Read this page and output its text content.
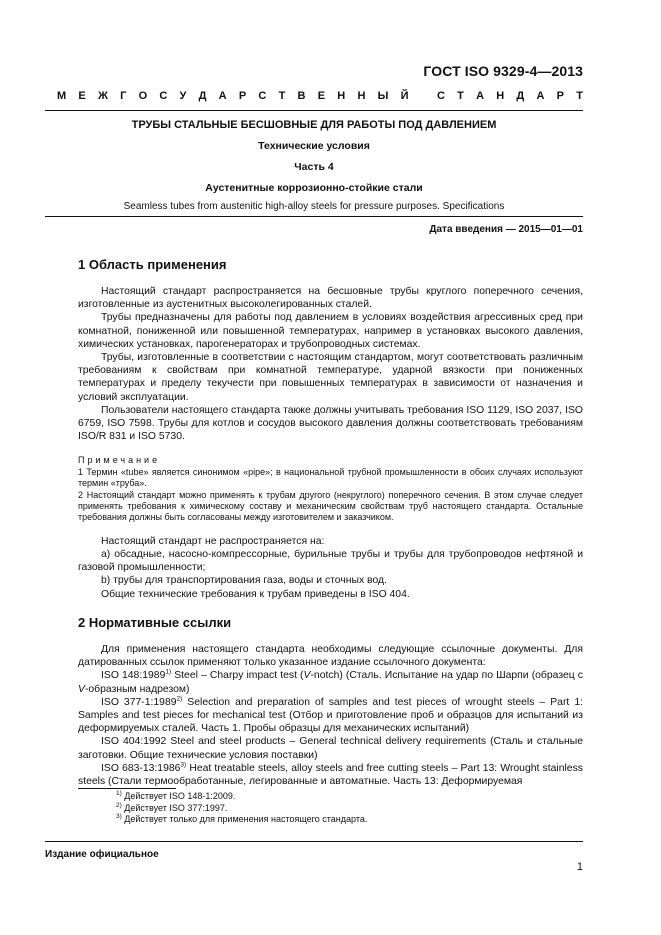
ГОСТ ISO 9329-4—2013
М Е Ж Г О С У Д А Р С Т В Е Н Н Ы Й	С Т А Н Д А Р Т
ТРУБЫ СТАЛЬНЫЕ БЕСШОВНЫЕ ДЛЯ РАБОТЫ ПОД ДАВЛЕНИЕМ
Технические условия
Часть 4
Аустенитные коррозионно-стойкие стали
Seamless tubes from austenitic high-alloy steels for pressure purposes. Specifications
Дата введения — 2015—01—01
1 Область применения

Настоящий стандарт распространяется на бесшовные трубы круглого поперечного сечения, изготовленные из аустенитных высоколегированных сталей.

Трубы предназначены для работы под давлением в условиях воздействия агрессивных сред при комнатной, пониженной или повышенной температурах, например в установках высокого давления, химических установках, парогенераторах и трубопроводных системах.

Трубы, изготовленные в соответствии с настоящим стандартом, могут соответствовать различным требованиям к свойствам при комнатной температуре, ударной вязкости при пониженных температурах и пределу текучести при повышенных температурах в зависимости от назначения и условий эксплуатации.

Пользователи настоящего стандарта также должны учитывать требования ISO 1129, ISO 2037, ISO 6759, ISO 7598. Трубы для котлов и сосудов высокого давления должны соответствовать требованиям ISO/R 831 и ISO 5730.

Примечание

1 Термин «tube» является синонимом «pipe»; в национальной трубной промышленности в обоих случаях используют термин «труба».

2 Настоящий стандарт можно применять к трубам другого (некруглого) поперечного сечения. В этом случае следует применять требования к химическому составу и механическим свойствам труб настоящего стандарта. Остальные требования должны быть согласованы между изготовителем и заказчиком.

Настоящий стандарт не распространяется на:

а) обсадные, насосно-компрессорные, бурильные трубы и трубы для трубопроводов нефтяной и газовой промышленности;

b) трубы для транспортирования газа, воды и сточных вод.

Общие технические требования к трубам приведены в ISO 404.

2 Нормативные ссылки

Для применения настоящего стандарта необходимы следующие ссылочные документы. Для датированных ссылок применяют только указанное издание ссылочного документа:

ISO 148:1989$^{1)}$ Steel – Charpy impact test (V-notch) (Сталь. Испытание на удар по Шарпи (образец с V-образным надрезом)

ISO 377-1:1989$^{2)}$ Selection and preparation of samples and test pieces of wrought steels – Part 1: Samples and test pieces for mechanical test (Отбор и приготовление проб и образцов для испытаний из деформируемых сталей. Часть 1. Пробы образцы для механических испытаний)

ISO 404:1992 Steel and steel products – General technical delivery requirements (Сталь и стальные заготовки. Общие технические условия поставки)

ISO 683-13:1986$^{3)}$ Heat treatable steels, alloy steels and free cutting steels – Part 13: Wrought stainless steels (Стали термообработанные, легированные и автоматные. Часть 13: Деформируемая

$^{1)}$ Действует ISO 148-1:2009.
$^{2)}$ Действует ISO 377:1997.
$^{3)}$ Действует только для применения настоящего стандарта.
Издание официальное
1
